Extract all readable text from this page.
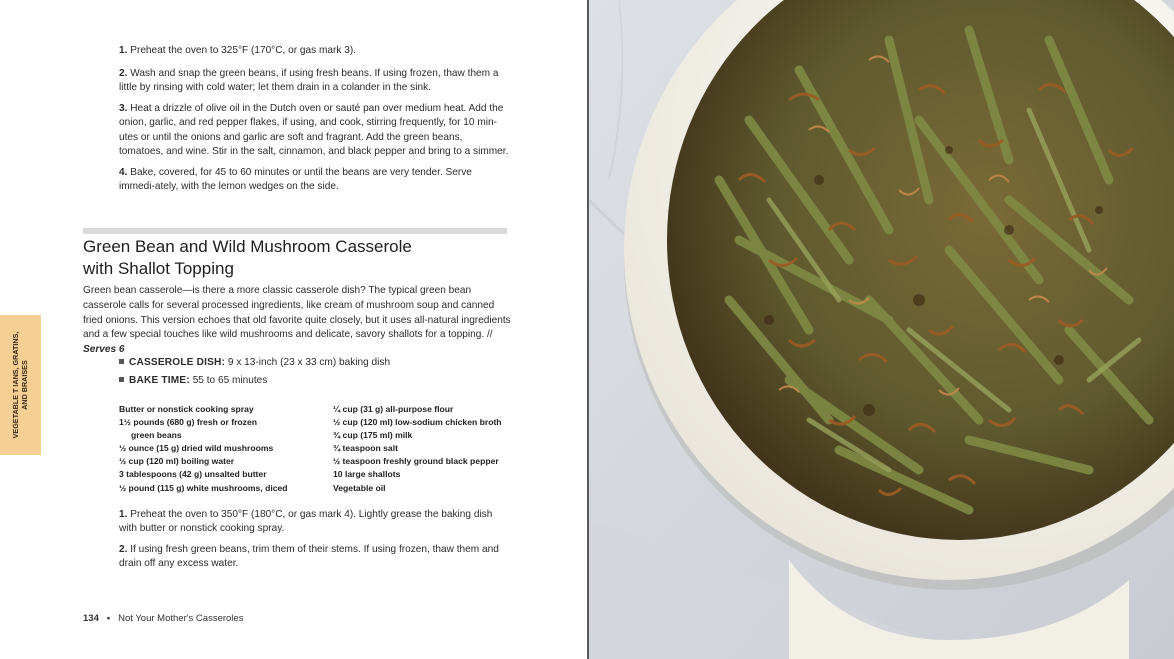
1. Preheat the oven to 325°F (170°C, or gas mark 3).

2. Wash and snap the green beans, if using fresh beans. If using frozen, thaw them a little by rinsing with cold water; let them drain in a colander in the sink.

3. Heat a drizzle of olive oil in the Dutch oven or sauté pan over medium heat. Add the onion, garlic, and red pepper flakes, if using, and cook, stirring frequently, for 10 min-utes or until the onions and garlic are soft and fragrant. Add the green beans, tomatoes, and wine. Stir in the salt, cinnamon, and black pepper and bring to a simmer.

4. Bake, covered, for 45 to 60 minutes or until the beans are very tender. Serve immedi-ately, with the lemon wedges on the side.

Green Bean and Wild Mushroom Casserole
with Shallot Topping

Green bean casserole—is there a more classic casserole dish? The typical green bean casserole calls for several processed ingredients, like cream of mushroom soup and canned fried onions. This version echoes that old favorite quite closely, but it uses all-natural ingredients and a few special touches like wild mushrooms and delicate, savory shallots for a topping. // Serves 6

CASSEROLE DISH: 9 x 13-inch (23 x 33 cm) baking dish
BAKE TIME: 55 to 65 minutes
Butter or nonstick cooking spray
1½ pounds (680 g) fresh or frozen
green beans
½ ounce (15 g) dried wild mushrooms
½ cup (120 ml) boiling water
3 tablespoons (42 g) unsalted butter
½ pound (115 g) white mushrooms, diced
¼ cup (31 g) all-purpose flour
½ cup (120 ml) low-sodium chicken broth
¾ cup (175 ml) milk
¾ teaspoon salt
½ teaspoon freshly ground black pepper
10 large shallots
Vegetable oil

1. Preheat the oven to 350°F (180°C, or gas mark 4). Lightly grease the baking dish with butter or nonstick cooking spray.

2. If using fresh green beans, trim them of their stems. If using frozen, thaw them and drain off any excess water.

134 ▪ Not Your Mother's Casseroles
VEGETABLE T IANS, GRATINS,
AND BRAISES
